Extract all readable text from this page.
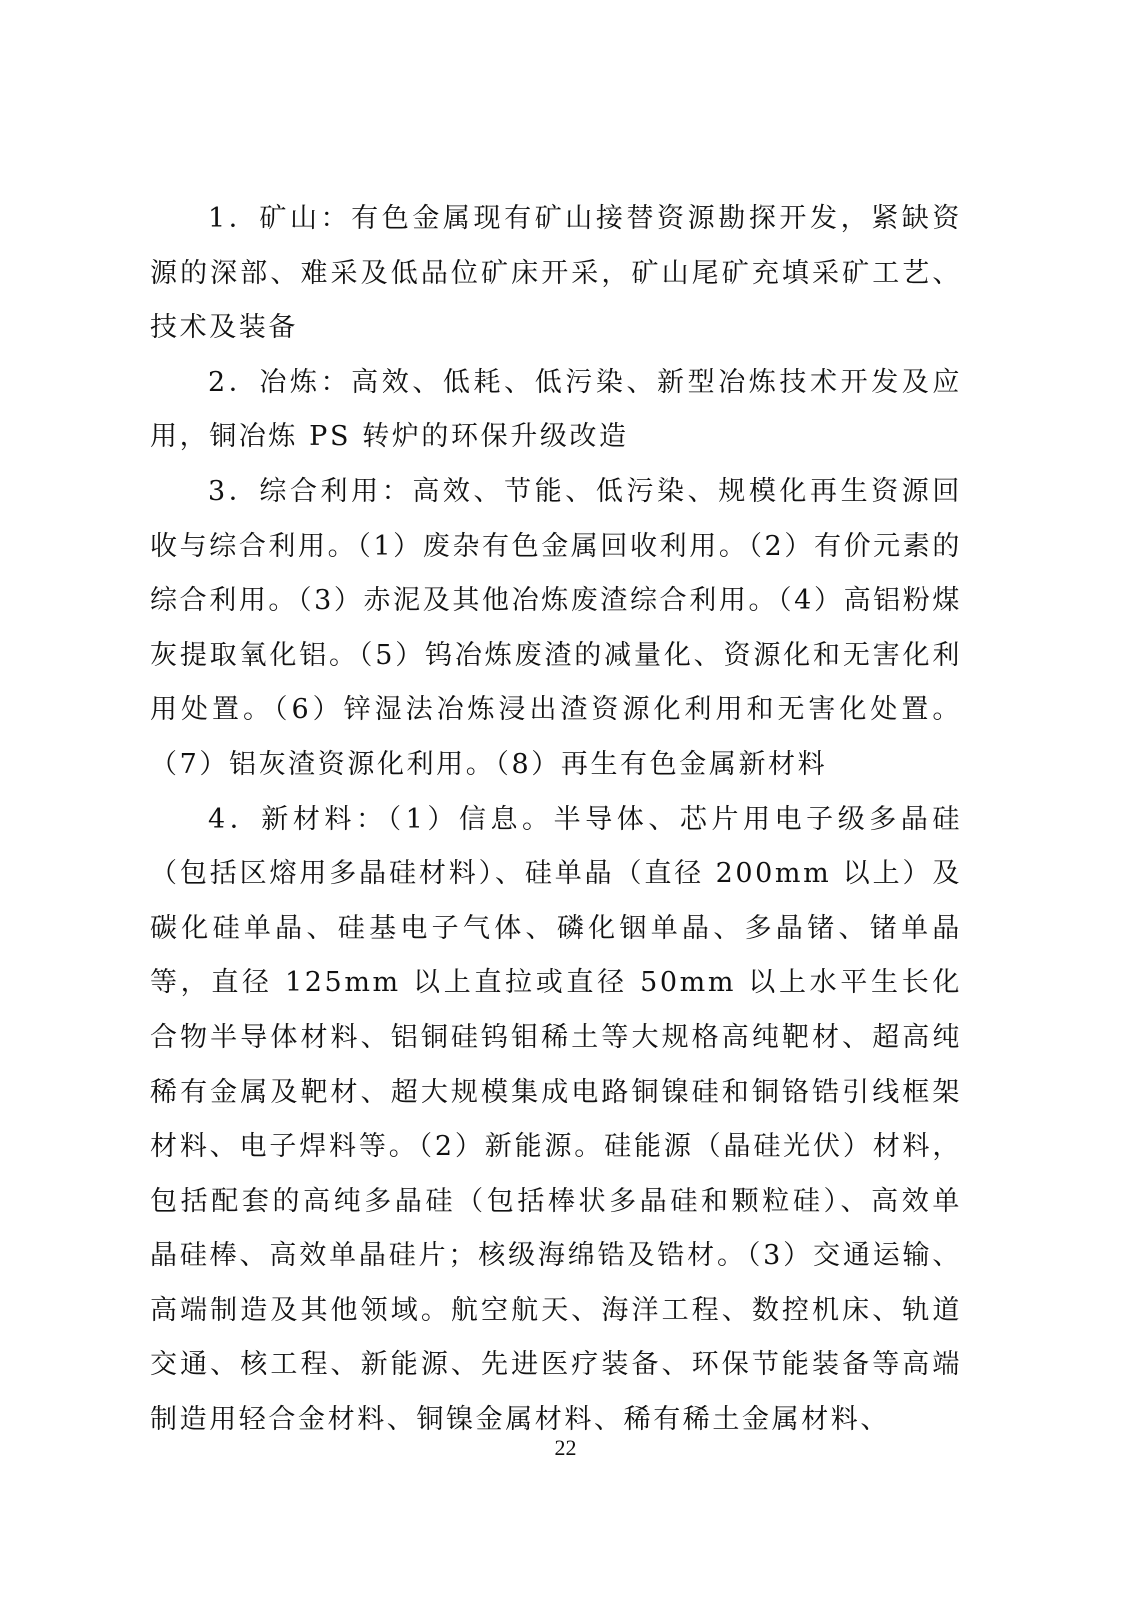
1．矿山：有色金属现有矿山接替资源勘探开发，紧缺资源的深部、难采及低品位矿床开采，矿山尾矿充填采矿工艺、技术及装备

2．冶炼：高效、低耗、低污染、新型冶炼技术开发及应用，铜冶炼 PS 转炉的环保升级改造

3．综合利用：高效、节能、低污染、规模化再生资源回收与综合利用。（1）废杂有色金属回收利用。（2）有价元素的综合利用。（3）赤泥及其他冶炼废渣综合利用。（4）高铝粉煤灰提取氧化铝。（5）钨冶炼废渣的减量化、资源化和无害化利用处置。（6）锌湿法冶炼浸出渣资源化利用和无害化处置。（7）铝灰渣资源化利用。（8）再生有色金属新材料

4．新材料：（1）信息。半导体、芯片用电子级多晶硅（包括区熔用多晶硅材料）、硅单晶（直径 200mm 以上）及碳化硅单晶、硅基电子气体、磷化铟单晶、多晶锗、锗单晶等，直径 125mm 以上直拉或直径 50mm 以上水平生长化合物半导体材料、铝铜硅钨钼稀土等大规格高纯靶材、超高纯稀有金属及靶材、超大规模集成电路铜镍硅和铜铬锆引线框架材料、电子焊料等。（2）新能源。硅能源（晶硅光伏）材料，包括配套的高纯多晶硅（包括棒状多晶硅和颗粒硅）、高效单晶硅棒、高效单晶硅片；核级海绵锆及锆材。（3）交通运输、高端制造及其他领域。航空航天、海洋工程、数控机床、轨道交通、核工程、新能源、先进医疗装备、环保节能装备等高端制造用轻合金材料、铜镍金属材料、稀有稀土金属材料、

22
